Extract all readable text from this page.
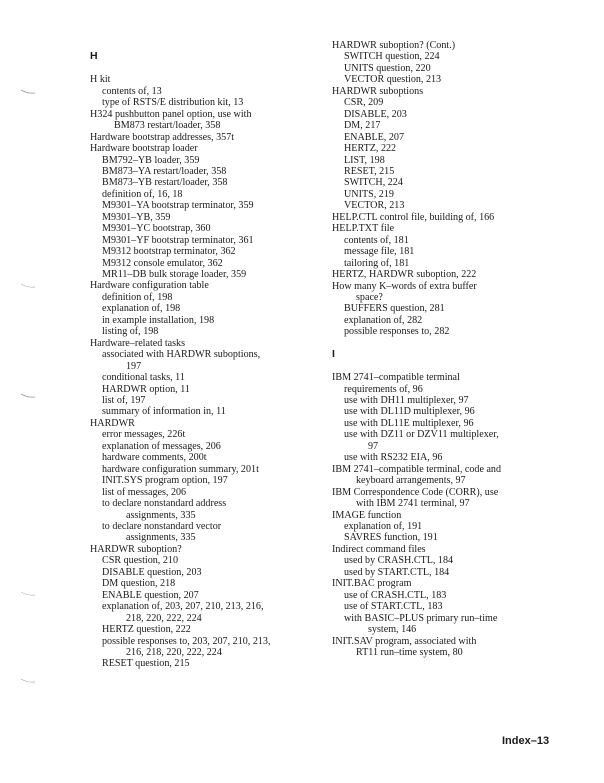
H
H kit
contents of, 13
type of RSTS/E distribution kit, 13
H324 pushbutton panel option, use with
BM873 restart/loader, 358
Hardware bootstrap addresses, 357t
Hardware bootstrap loader
BM792–YB loader, 359
BM873–YA restart/loader, 358
BM873–YB restart/loader, 358
definition of, 16, 18
M9301–YA bootstrap terminator, 359
M9301–YB, 359
M9301–YC bootstrap, 360
M9301–YF bootstrap terminator, 361
M9312 bootstrap terminator, 362
M9312 console emulator, 362
MR11–DB bulk storage loader, 359
Hardware configuration table
definition of, 198
explanation of, 198
in example installation, 198
listing of, 198
Hardware–related tasks
associated with HARDWR suboptions,
197
conditional tasks, 11
HARDWR option, 11
list of, 197
summary of information in, 11
HARDWR
error messages, 226t
explanation of messages, 206
hardware comments, 200t
hardware configuration summary, 201t
INIT.SYS program option, 197
list of messages, 206
to declare nonstandard address
assignments, 335
to declare nonstandard vector
assignments, 335
HARDWR suboption?
CSR question, 210
DISABLE question, 203
DM question, 218
ENABLE question, 207
explanation of, 203, 207, 210, 213, 216,
218, 220, 222, 224
HERTZ question, 222
possible responses to, 203, 207, 210, 213,
216, 218, 220, 222, 224
RESET question, 215
HARDWR suboption? (Cont.)
SWITCH question, 224
UNITS question, 220
VECTOR question, 213
HARDWR suboptions
CSR, 209
DISABLE, 203
DM, 217
ENABLE, 207
HERTZ, 222
LIST, 198
RESET, 215
SWITCH, 224
UNITS, 219
VECTOR, 213
HELP.CTL control file, building of, 166
HELP.TXT file
contents of, 181
message file, 181
tailoring of, 181
HERTZ, HARDWR suboption, 222
How many K–words of extra buffer
space?
BUFFERS question, 281
explanation of, 282
possible responses to, 282
I
IBM 2741–compatible terminal
requirements of, 96
use with DH11 multiplexer, 97
use with DL11D multiplexer, 96
use with DL11E multiplexer, 96
use with DZ11 or DZV11 multiplexer,
97
use with RS232 EIA, 96
IBM 2741–compatible terminal, code and
keyboard arrangements, 97
IBM Correspondence Code (CORR), use
with IBM 2741 terminal, 97
IMAGE function
explanation of, 191
SAVRES function, 191
Indirect command files
used by CRASH.CTL, 184
used by START.CTL, 184
INIT.BAC program
use of CRASH.CTL, 183
use of START.CTL, 183
with BASIC–PLUS primary run–time
system, 146
INIT.SAV program, associated with
RT11 run–time system, 80
Index–13
